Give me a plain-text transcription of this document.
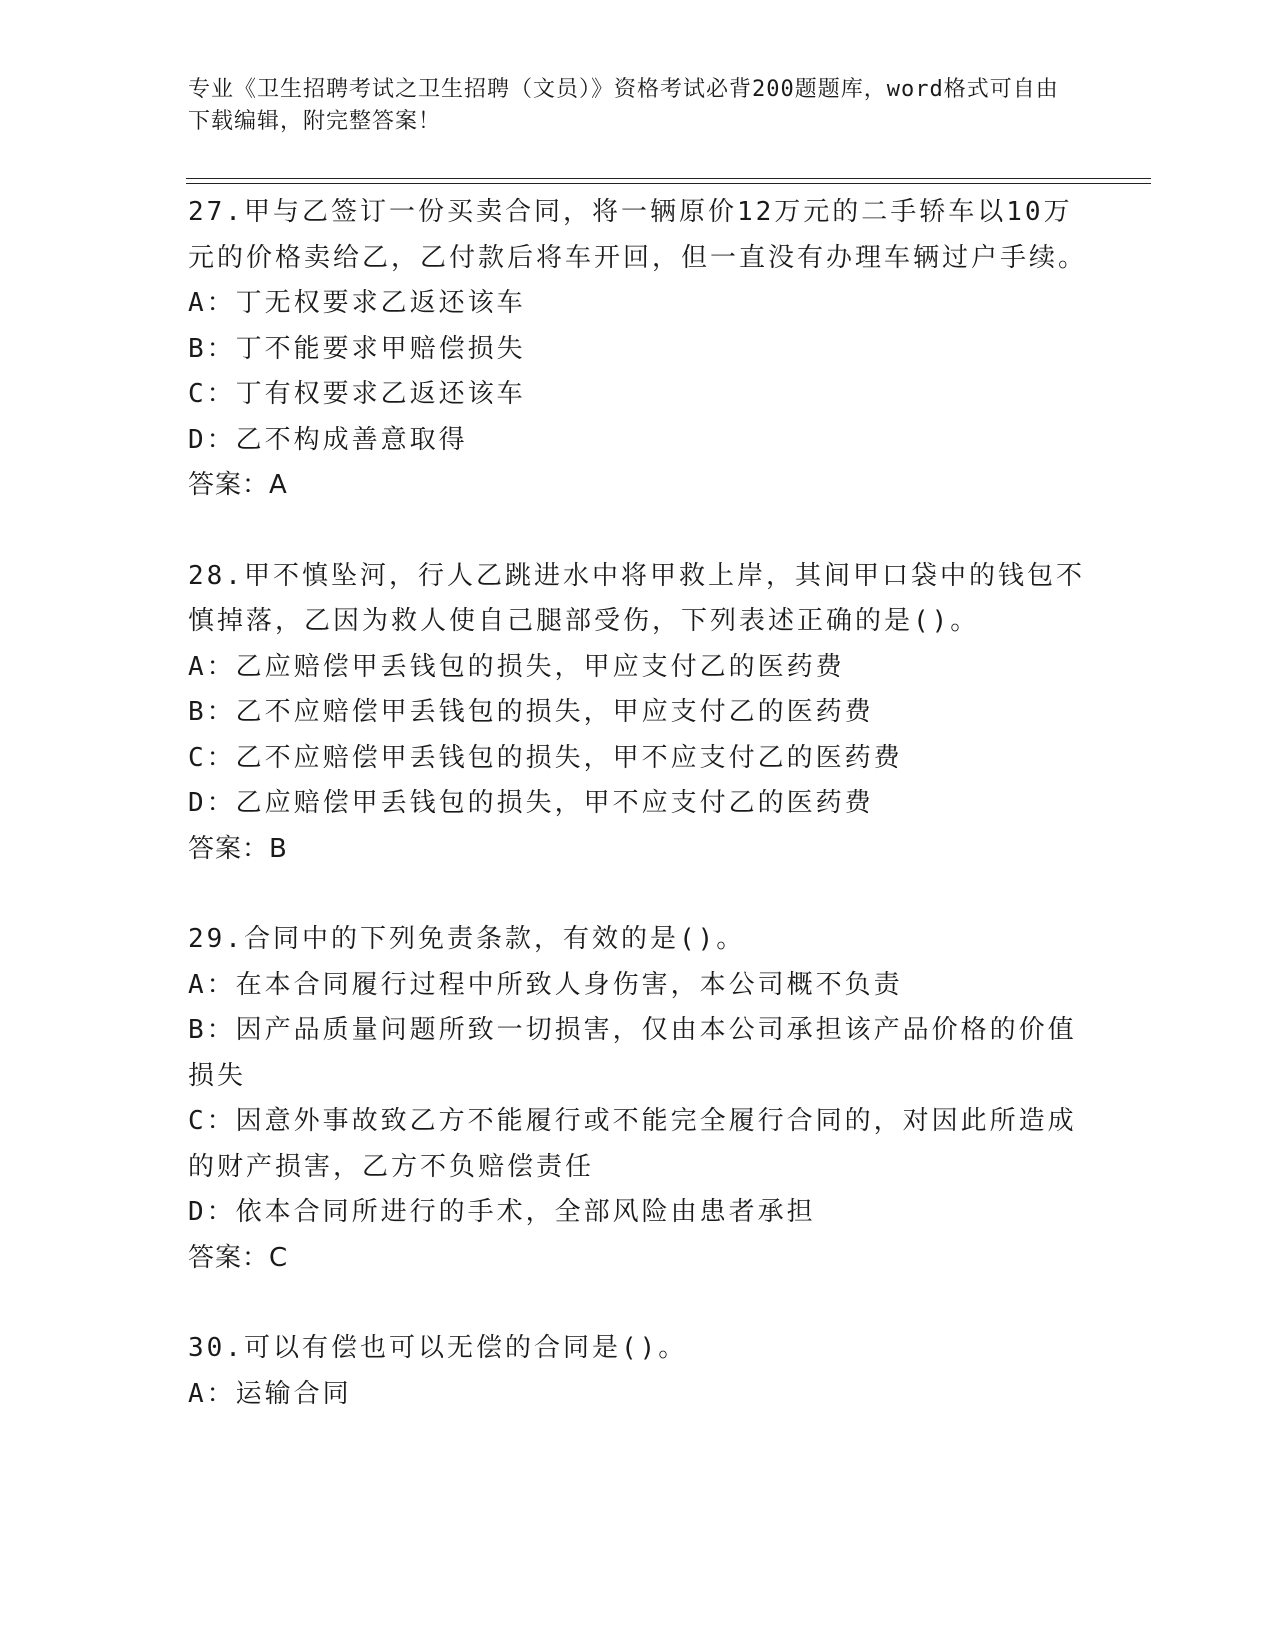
专业《卫生招聘考试之卫生招聘（文员）》资格考试必背200题题库，word格式可自由下载编辑，附完整答案！

27.甲与乙签订一份买卖合同，将一辆原价12万元的二手轿车以10万元的价格卖给乙，乙付款后将车开回，但一直没有办理车辆过户手续。

A：丁无权要求乙返还该车

B：丁不能要求甲赔偿损失

C：丁有权要求乙返还该车

D：乙不构成善意取得

答案：A

28.甲不慎坠河，行人乙跳进水中将甲救上岸，其间甲口袋中的钱包不慎掉落，乙因为救人使自己腿部受伤，下列表述正确的是()。

A：乙应赔偿甲丢钱包的损失，甲应支付乙的医药费

B：乙不应赔偿甲丢钱包的损失，甲应支付乙的医药费

C：乙不应赔偿甲丢钱包的损失，甲不应支付乙的医药费

D：乙应赔偿甲丢钱包的损失，甲不应支付乙的医药费

答案：B

29.合同中的下列免责条款，有效的是()。

A：在本合同履行过程中所致人身伤害，本公司概不负责

B：因产品质量问题所致一切损害，仅由本公司承担该产品价格的价值损失

C：因意外事故致乙方不能履行或不能完全履行合同的，对因此所造成的财产损害，乙方不负赔偿责任

D：依本合同所进行的手术，全部风险由患者承担

答案：C

30.可以有偿也可以无偿的合同是()。

A：运输合同
